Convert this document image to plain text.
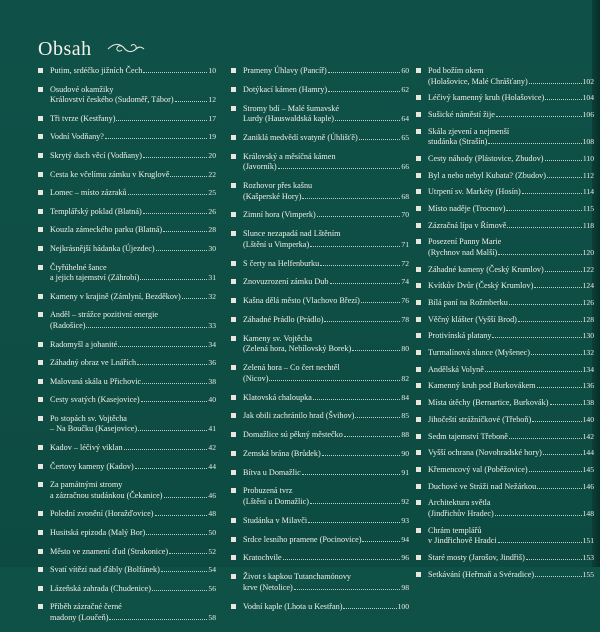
Obsah
Putim, srdéčko jižních Čech	10
Osudové okamžiky
Království českého (Sudoměř, Tábor)	12
Tři tvrze (Kestřany)	17
Vodní Vodňany?	19
Skrytý duch věcí (Vodňany)	20
Cesta ke včelímu zámku v Kruglově	22
Lomec – místo zázraků	25
Templářský poklad (Blatná)	26
Kouzla zámeckého parku (Blatná)	28
Nejkrásnější hádanka (Újezdec)	30
Čtyřúhelné šance
a jejich tajemství (Záhrobí)	31
Kameny v krajině (Zámlyní, Bezděkov)	32
Anděl – strážce pozitivní energie
(Radošice)	33
Radomyšl a johanité	34
Záhadný obraz ve Lnářích	36
Malovaná skála u Přichovic	38
Cesty svatých (Kasejovice)	40
Po stopách sv. Vojtěcha
– Na Boučku (Kasejovice)	41
Kadov – léčivý viklan	42
Čertovy kameny (Kadov)	44
Za památnými stromy
a zázračnou studánkou (Čekanice)	46
Polední zvonění (Horažďovice)	48
Husitská epizoda (Malý Bor)	50
Město ve znamení ďud (Strakonice)	52
Svatí vítězí nad ďábly (Bolfánek)	54
Lázeňská zahrada (Chudenice)	56
Příběh zázračné černé
madony (Loučeň)	58
Prameny Úhlavy (Pancíř)	60
Dotýkací kámen (Hamry)	62
Stromy bdí – Malé šumavské
Lurdy (Hauswaldská kaple)	64
Zaniklá medvědí svatyně (Úhlišťě)	65
Královský a měsíčná kámen
(Javorník)	66
Rozhovor přes kašnu
(Kašperské Hory)	68
Zimní hora (Vimperk)	70
Slunce nezapadá nad Lštěním
(Lštění u Vimperka)	71
S čerty na Helfenburku	72
Znovuzrození zámku Dub	74
Kašna dělá město (Vlachovo Březí)	76
Záhadné Prádlo (Prádlo)	78
Kameny sv. Vojtěcha
(Zelená hora, Nebílovský Borek)	80
Zelená hora – Co čert nechtěl
(Nicov)	82
Klatovská chaloupka	84
Jak obili zachránilo hrad (Švihov)	85
Domažlice sú pěkný městečko	88
Zemská brána (Brůdek)	90
Bítva u Domažlic	91
Probuzená tvrz
(Lštění u Domažlic)	92
Studánka v Milavči	93
Srdce lesního pramene (Pocinovice)	94
Kratochvile	96
Život s kapkou Tutanchamónovy
krve (Netolice)	98
Vodní kaple (Lhota u Kestřan)	100
Pod božím okem
(Holašovice, Malé Chrášťany)	102
Léčivý kamenný kruh (Holašovice)	104
Sušické náměstí žije	106
Skála zjevení a nejmenší
studánka (Strašín)	108
Cesty náhody (Plástovice, Zbudov)	110
Byl a nebo nebyl Kubata? (Zbudov)	112
Utrpení sv. Markéty (Hosín)	114
Místo naděje (Trocnov)	115
Zázračná lípa v Římově	118
Posezení Panny Marie
(Rychnov nad Malší)	120
Záhadné kameny (Český Krumlov)	122
Kvítkův Dvůr (Český Krumlov)	124
Bílá paní na Rožmberku	126
Věčný klášter (Vyšší Brod)	128
Protivínská platany	130
Turmalínová slunce (Myšenec)	132
Andělská Volyně	134
Kamenný kruh pod Burkovákem	136
Místa útěchy (Bernartice, Burkovák)	138
Jihočeští strážníčkové (Třeboň)	140
Sedm tajemství Třeboně	142
Vyšší ochrana (Novohradské hory)	144
Křemencový val (Poběžovice)	145
Duchové ve Stráži nad Nežárkou	146
Architektura světla
(Jindřichův Hradec)	148
Chrám templářů
v Jindřichově Hradci	151
Staré mosty (Jarošov, Jindřiš)	153
Setkávání (Heřmaň a Svéradice)	155
